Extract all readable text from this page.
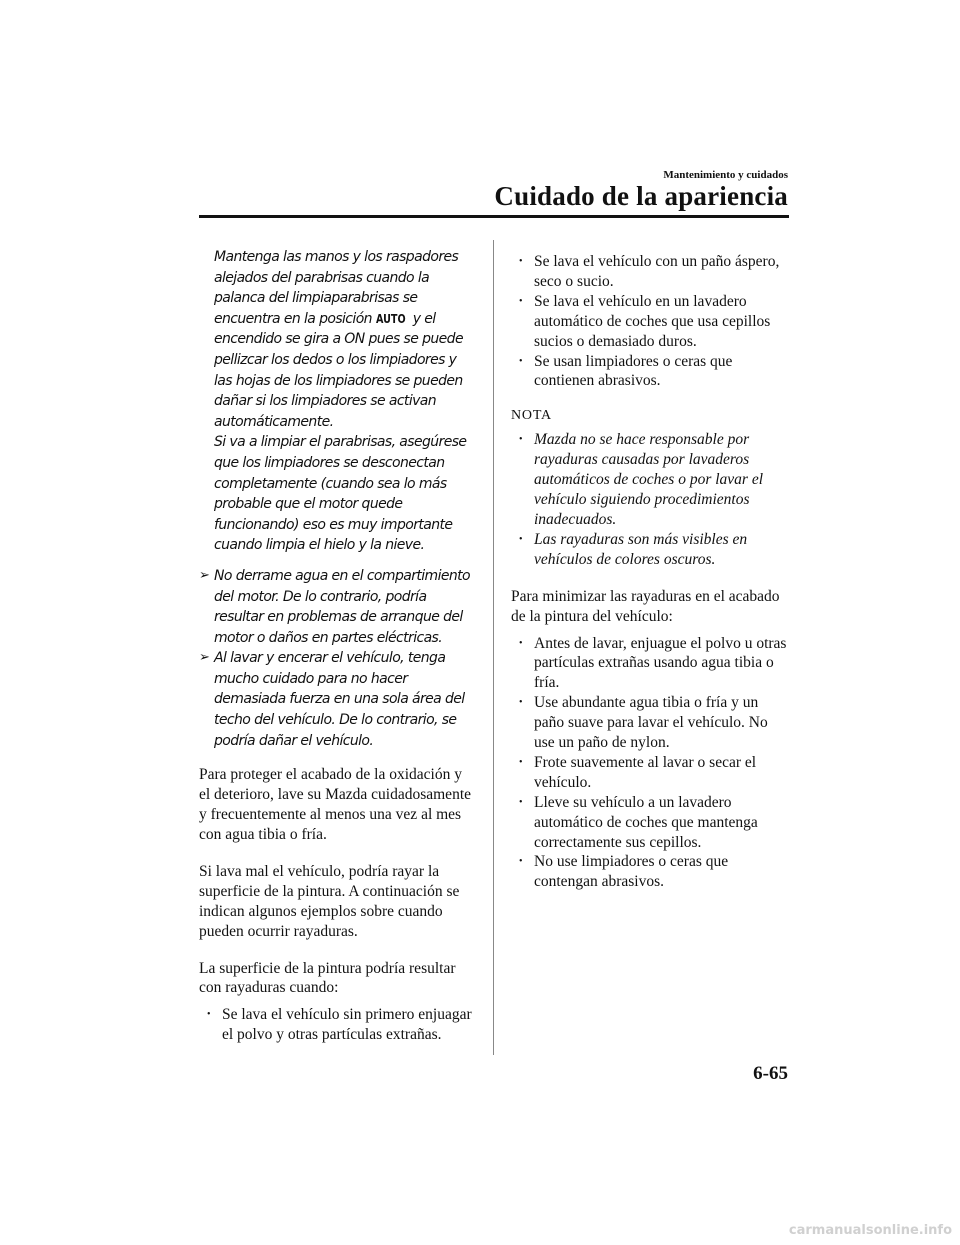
Mantenimiento y cuidados
Cuidado de la apariencia
Mantenga las manos y los raspadores alejados del parabrisas cuando la palanca del limpiaparabrisas se encuentra en la posición AUTO y el encendido se gira a ON pues se puede pellizcar los dedos o los limpiadores y las hojas de los limpiadores se pueden dañar si los limpiadores se activan automáticamente.
Si va a limpiar el parabrisas, asegúrese que los limpiadores se desconectan completamente (cuando sea lo más probable que el motor quede funcionando) eso es muy importante cuando limpia el hielo y la nieve.
➢ No derrame agua en el compartimiento del motor. De lo contrario, podría resultar en problemas de arranque del motor o daños en partes eléctricas.
➢ Al lavar y encerar el vehículo, tenga mucho cuidado para no hacer demasiada fuerza en una sola área del techo del vehículo. De lo contrario, se podría dañar el vehículo.
Para proteger el acabado de la oxidación y el deterioro, lave su Mazda cuidadosamente y frecuentemente al menos una vez al mes con agua tibia o fría.
Si lava mal el vehículo, podría rayar la superficie de la pintura. A continuación se indican algunos ejemplos sobre cuando pueden ocurrir rayaduras.
La superficie de la pintura podría resultar con rayaduras cuando:
• Se lava el vehículo sin primero enjuagar el polvo y otras partículas extrañas.
• Se lava el vehículo con un paño áspero, seco o sucio.
• Se lava el vehículo en un lavadero automático de coches que usa cepillos sucios o demasiado duros.
• Se usan limpiadores o ceras que contienen abrasivos.
NOTA
• Mazda no se hace responsable por rayaduras causadas por lavaderos automáticos de coches o por lavar el vehículo siguiendo procedimientos inadecuados.
• Las rayaduras son más visibles en vehículos de colores oscuros.
Para minimizar las rayaduras en el acabado de la pintura del vehículo:
• Antes de lavar, enjuague el polvo u otras partículas extrañas usando agua tibia o fría.
• Use abundante agua tibia o fría y un paño suave para lavar el vehículo. No use un paño de nylon.
• Frote suavemente al lavar o secar el vehículo.
• Lleve su vehículo a un lavadero automático de coches que mantenga correctamente sus cepillos.
• No use limpiadores o ceras que contengan abrasivos.
6-65
carmanualsonline.info
